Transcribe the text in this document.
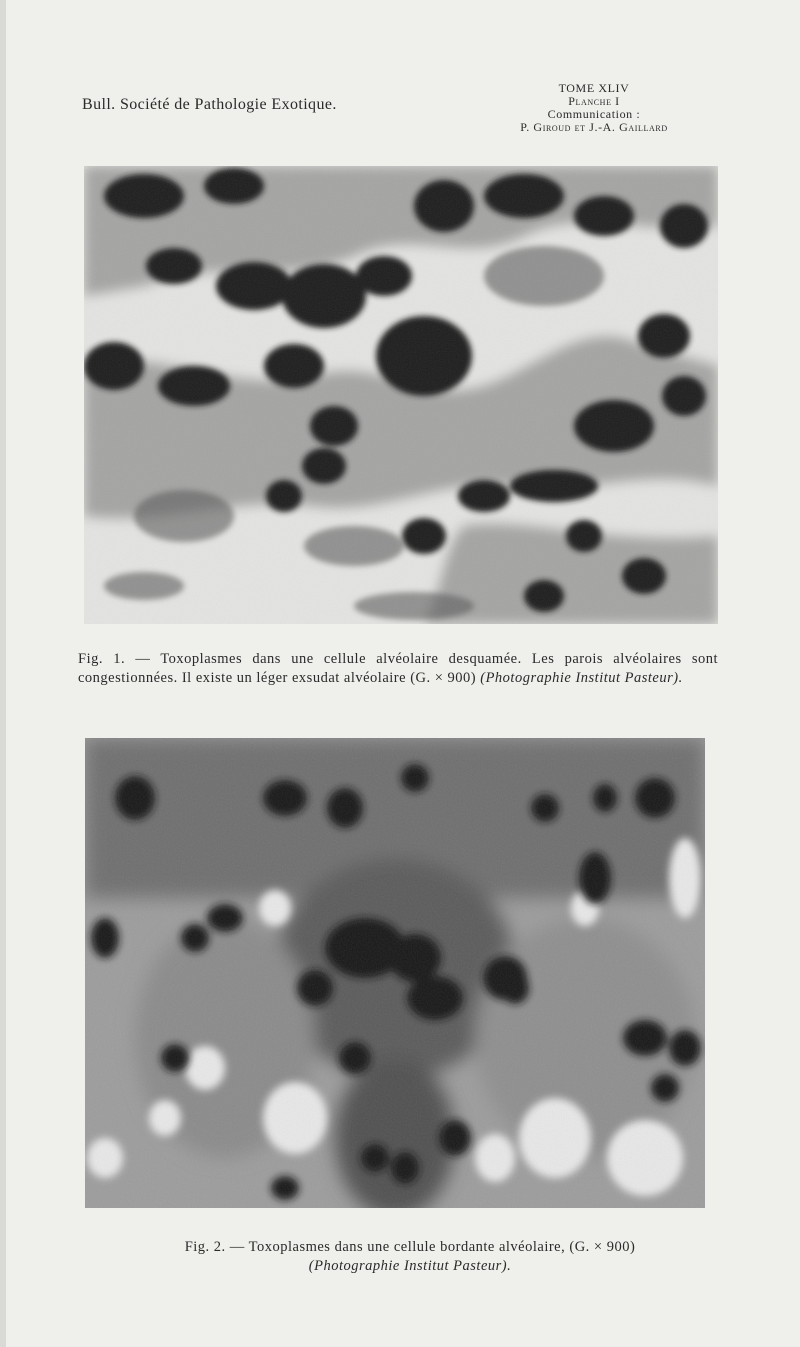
Bull. Société de Pathologie Exotique.
TOME XLIV
Planche I
Communication :
P. Giroud et J.-A. Gaillard
Fig. 1. — Toxoplasmes dans une cellule alvéolaire desquamée. Les parois alvéolaires sont congestionnées. Il existe un léger exsudat alvéolaire (G. × 900) (Photographie Institut Pasteur).
Fig. 2. — Toxoplasmes dans une cellule bordante alvéolaire, (G. × 900) (Photographie Institut Pasteur).
